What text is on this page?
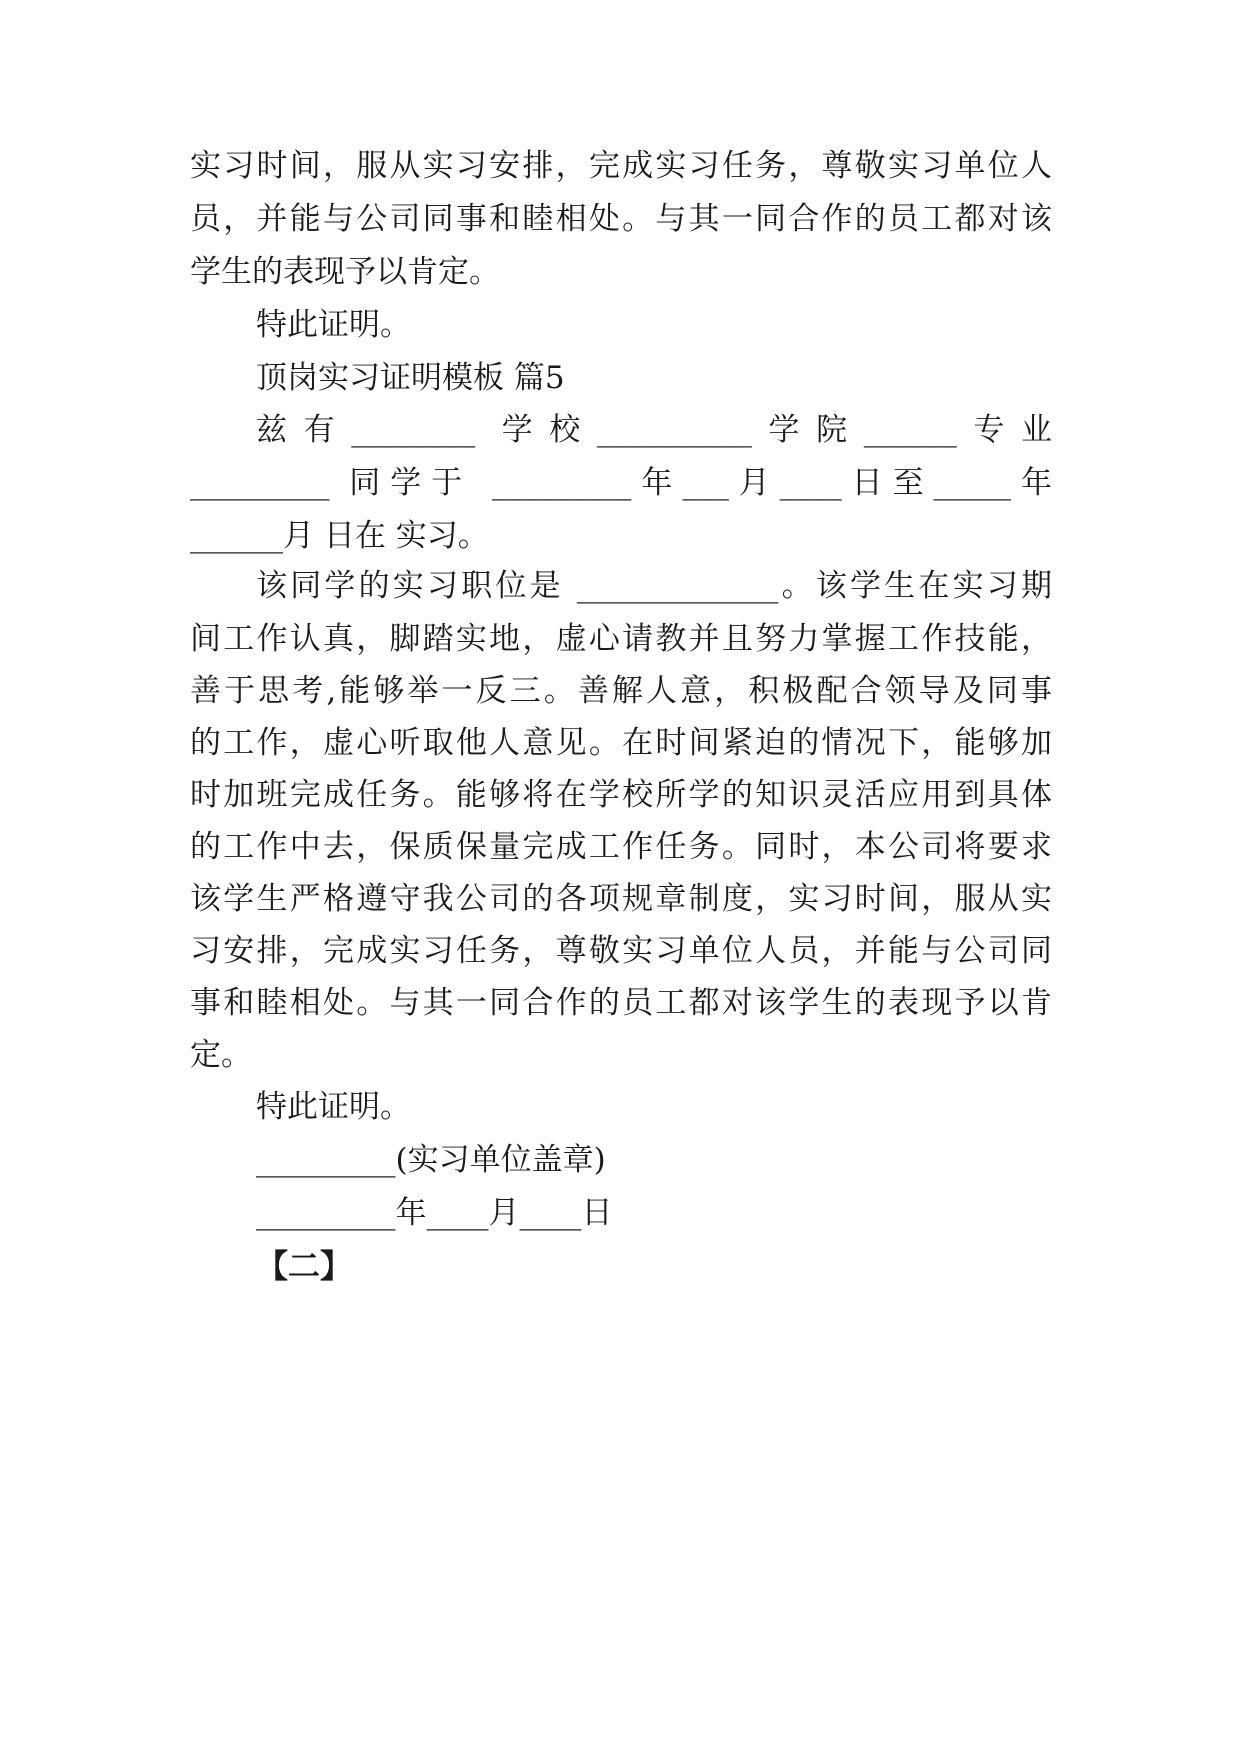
实习时间，服从实习安排，完成实习任务，尊敬实习单位人
员，并能与公司同事和睦相处。与其一同合作的员工都对该
学生的表现予以肯定。
特此证明。
顶岗实习证明模板 篇5
兹有________ 学校__________学院______专业
_________ 同学于 _________年___月____日至_____年
______月 日在 实习。
该同学的实习职位是 _____________。该学生在实习期
间工作认真，脚踏实地，虚心请教并且努力掌握工作技能，
善于思考,能够举一反三。善解人意，积极配合领导及同事
的工作，虚心听取他人意见。在时间紧迫的情况下，能够加
时加班完成任务。能够将在学校所学的知识灵活应用到具体
的工作中去，保质保量完成工作任务。同时，本公司将要求
该学生严格遵守我公司的各项规章制度，实习时间，服从实
习安排，完成实习任务，尊敬实习单位人员，并能与公司同
事和睦相处。与其一同合作的员工都对该学生的表现予以肯
定。
特此证明。
_________(实习单位盖章)
_________年____月____日
【二】
